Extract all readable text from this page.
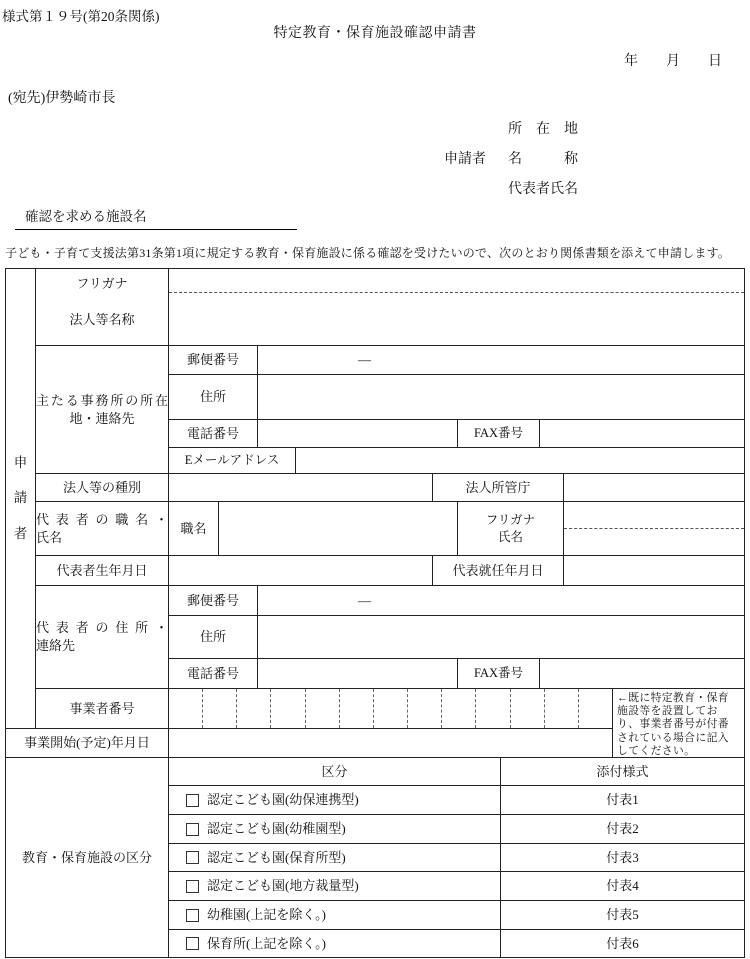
様式第１９号(第20条関係)
特定教育・保育施設確認申請書
年　　月　　日
(宛先)伊勢崎市長
申請者
所　在　地
名　　　称
代表者氏名
確認を求める施設名
子ども・子育て支援法第31条第1項に規定する教育・保育施設に係る確認を受けたいので、次のとおり関係書類を添えて申請します。
申
請
者
フリガナ
法人等名称
主たる事務所の所在
地・連絡先
郵便番号	―
住所
電話番号	FAX番号
Eメールアドレス
法人等の種別	法人所管庁
代表者の職名・
氏名
職名
フリガナ
氏名
代表者生年月日	代表就任年月日
代表者の住所・
連絡先
郵便番号	―
住所
電話番号	FAX番号
事業者番号
←既に特定教育・保育
施設等を設置してお
り、事業者番号が付番
されている場合に記入
してください。
事業開始(予定)年月日
教育・保育施設の区分
区分	添付様式
認定こども園(幼保連携型)	付表1
認定こども園(幼稚園型)	付表2
認定こども園(保育所型)	付表3
認定こども園(地方裁量型)	付表4
幼稚園(上記を除く。)	付表5
保育所(上記を除く。)	付表6
